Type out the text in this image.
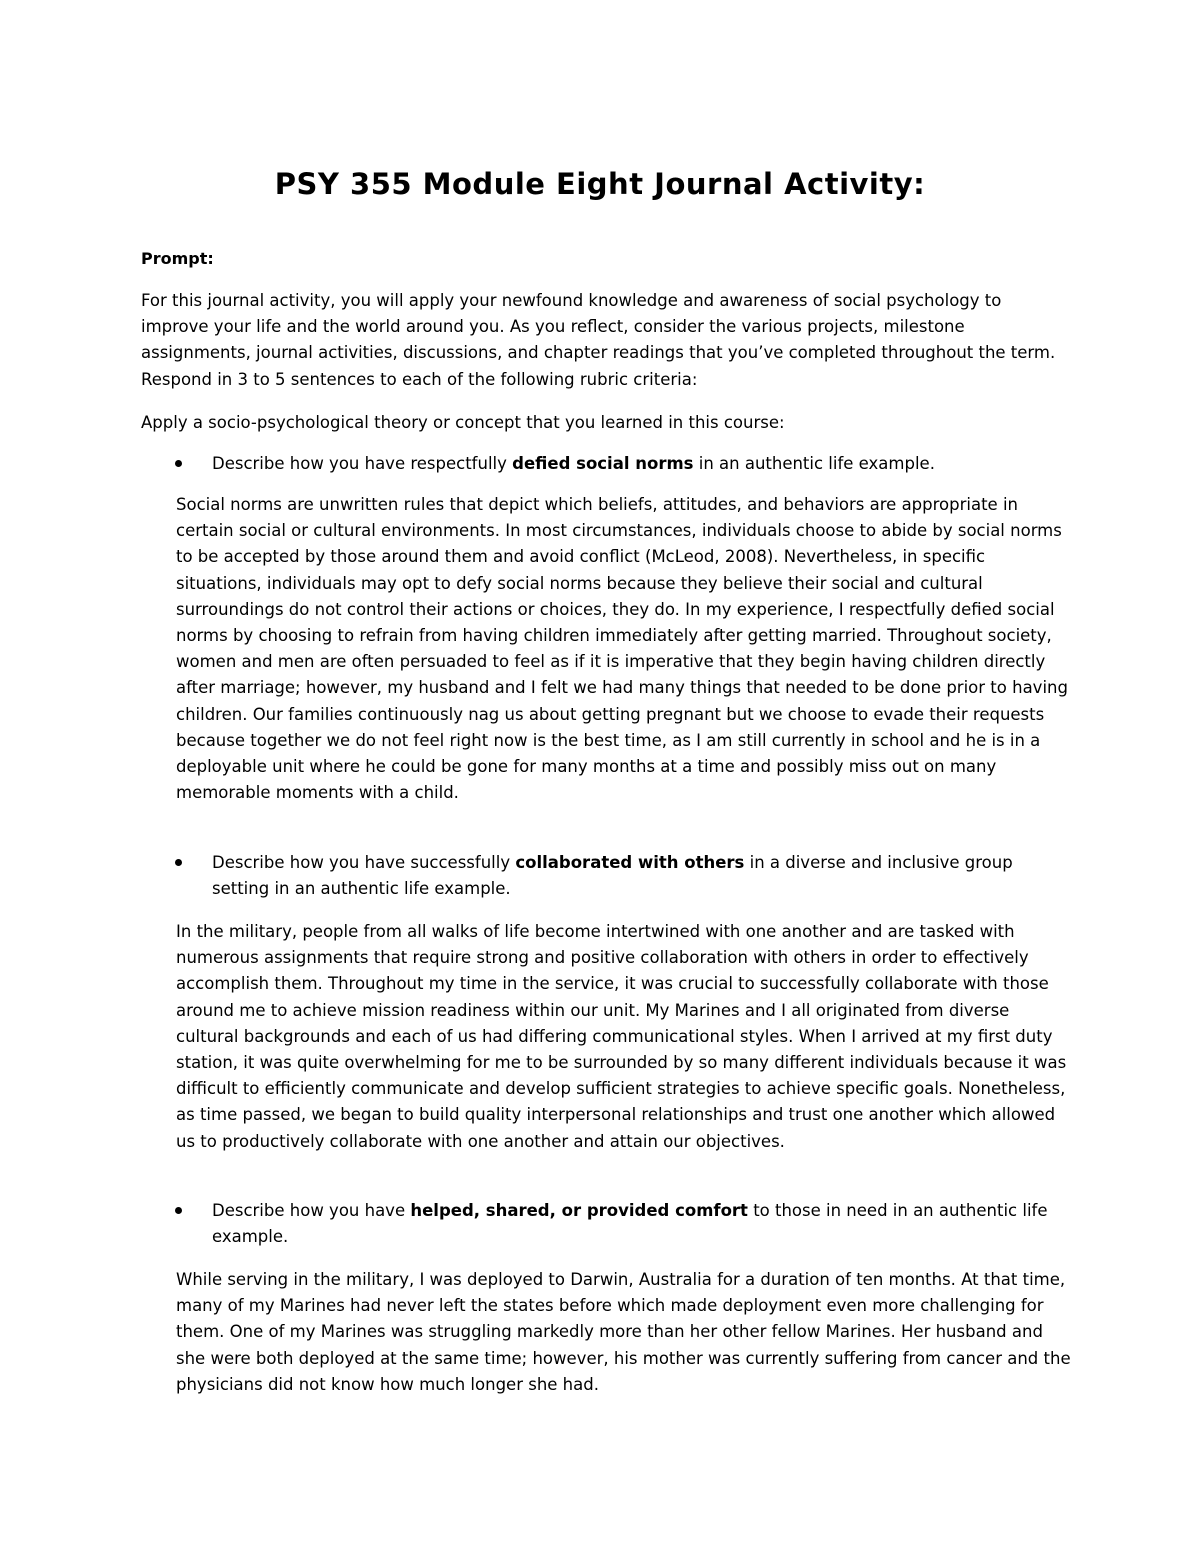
PSY 355 Module Eight Journal Activity:

Prompt:

For this journal activity, you will apply your newfound knowledge and awareness of social psychology to improve your life and the world around you. As you reflect, consider the various projects, milestone assignments, journal activities, discussions, and chapter readings that you’ve completed throughout the term. Respond in 3 to 5 sentences to each of the following rubric criteria:

Apply a socio-psychological theory or concept that you learned in this course:

Describe how you have respectfully defied social norms in an authentic life example.

Social norms are unwritten rules that depict which beliefs, attitudes, and behaviors are appropriate in certain social or cultural environments. In most circumstances, individuals choose to abide by social norms to be accepted by those around them and avoid conflict (McLeod, 2008). Nevertheless, in specific situations, individuals may opt to defy social norms because they believe their social and cultural surroundings do not control their actions or choices, they do. In my experience, I respectfully defied social norms by choosing to refrain from having children immediately after getting married. Throughout society, women and men are often persuaded to feel as if it is imperative that they begin having children directly after marriage; however, my husband and I felt we had many things that needed to be done prior to having children. Our families continuously nag us about getting pregnant but we choose to evade their requests because together we do not feel right now is the best time, as I am still currently in school and he is in a deployable unit where he could be gone for many months at a time and possibly miss out on many memorable moments with a child.

Describe how you have successfully collaborated with others in a diverse and inclusive group setting in an authentic life example.

In the military, people from all walks of life become intertwined with one another and are tasked with numerous assignments that require strong and positive collaboration with others in order to effectively accomplish them. Throughout my time in the service, it was crucial to successfully collaborate with those around me to achieve mission readiness within our unit. My Marines and I all originated from diverse cultural backgrounds and each of us had differing communicational styles. When I arrived at my first duty station, it was quite overwhelming for me to be surrounded by so many different individuals because it was difficult to efficiently communicate and develop sufficient strategies to achieve specific goals. Nonetheless, as time passed, we began to build quality interpersonal relationships and trust one another which allowed us to productively collaborate with one another and attain our objectives.

Describe how you have helped, shared, or provided comfort to those in need in an authentic life example.

While serving in the military, I was deployed to Darwin, Australia for a duration of ten months. At that time, many of my Marines had never left the states before which made deployment even more challenging for them. One of my Marines was struggling markedly more than her other fellow Marines. Her husband and she were both deployed at the same time; however, his mother was currently suffering from cancer and the physicians did not know how much longer she had.
